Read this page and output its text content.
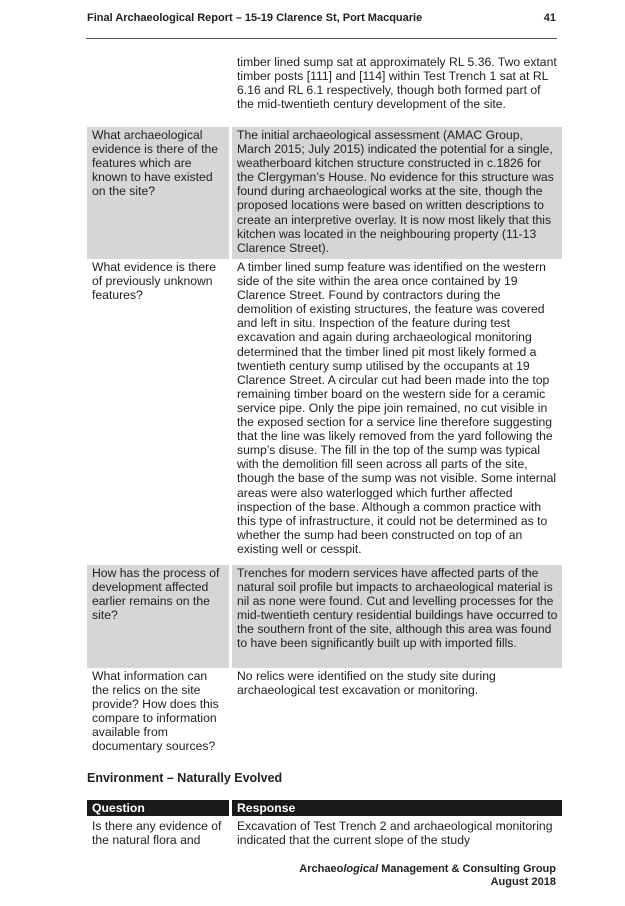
Final Archaeological Report – 15-19 Clarence St, Port Macquarie	41
timber lined sump sat at approximately RL 5.36. Two extant timber posts [111] and [114] within Test Trench 1 sat at RL 6.16 and RL 6.1 respectively, though both formed part of the mid-twentieth century development of the site.
What archaeological evidence is there of the features which are known to have existed on the site?
The initial archaeological assessment (AMAC Group, March 2015; July 2015) indicated the potential for a single, weatherboard kitchen structure constructed in c.1826 for the Clergyman’s House. No evidence for this structure was found during archaeological works at the site, though the proposed locations were based on written descriptions to create an interpretive overlay. It is now most likely that this kitchen was located in the neighbouring property (11-13 Clarence Street).
What evidence is there of previously unknown features?
A timber lined sump feature was identified on the western side of the site within the area once contained by 19 Clarence Street. Found by contractors during the demolition of existing structures, the feature was covered and left in situ. Inspection of the feature during test excavation and again during archaeological monitoring determined that the timber lined pit most likely formed a twentieth century sump utilised by the occupants at 19 Clarence Street. A circular cut had been made into the top remaining timber board on the western side for a ceramic service pipe. Only the pipe join remained, no cut visible in the exposed section for a service line therefore suggesting that the line was likely removed from the yard following the sump’s disuse. The fill in the top of the sump was typical with the demolition fill seen across all parts of the site, though the base of the sump was not visible. Some internal areas were also waterlogged which further affected inspection of the base. Although a common practice with this type of infrastructure, it could not be determined as to whether the sump had been constructed on top of an existing well or cesspit.
How has the process of development affected earlier remains on the site?
Trenches for modern services have affected parts of the natural soil profile but impacts to archaeological material is nil as none were found. Cut and levelling processes for the mid-twentieth century residential buildings have occurred to the southern front of the site, although this area was found to have been significantly built up with imported fills.
What information can the relics on the site provide? How does this compare to information available from documentary sources?
No relics were identified on the study site during archaeological test excavation or monitoring.
Environment – Naturally Evolved
Question	Response
Is there any evidence of the natural flora and
Excavation of Test Trench 2 and archaeological monitoring indicated that the current slope of the study
Archaeological Management & Consulting Group
August 2018
